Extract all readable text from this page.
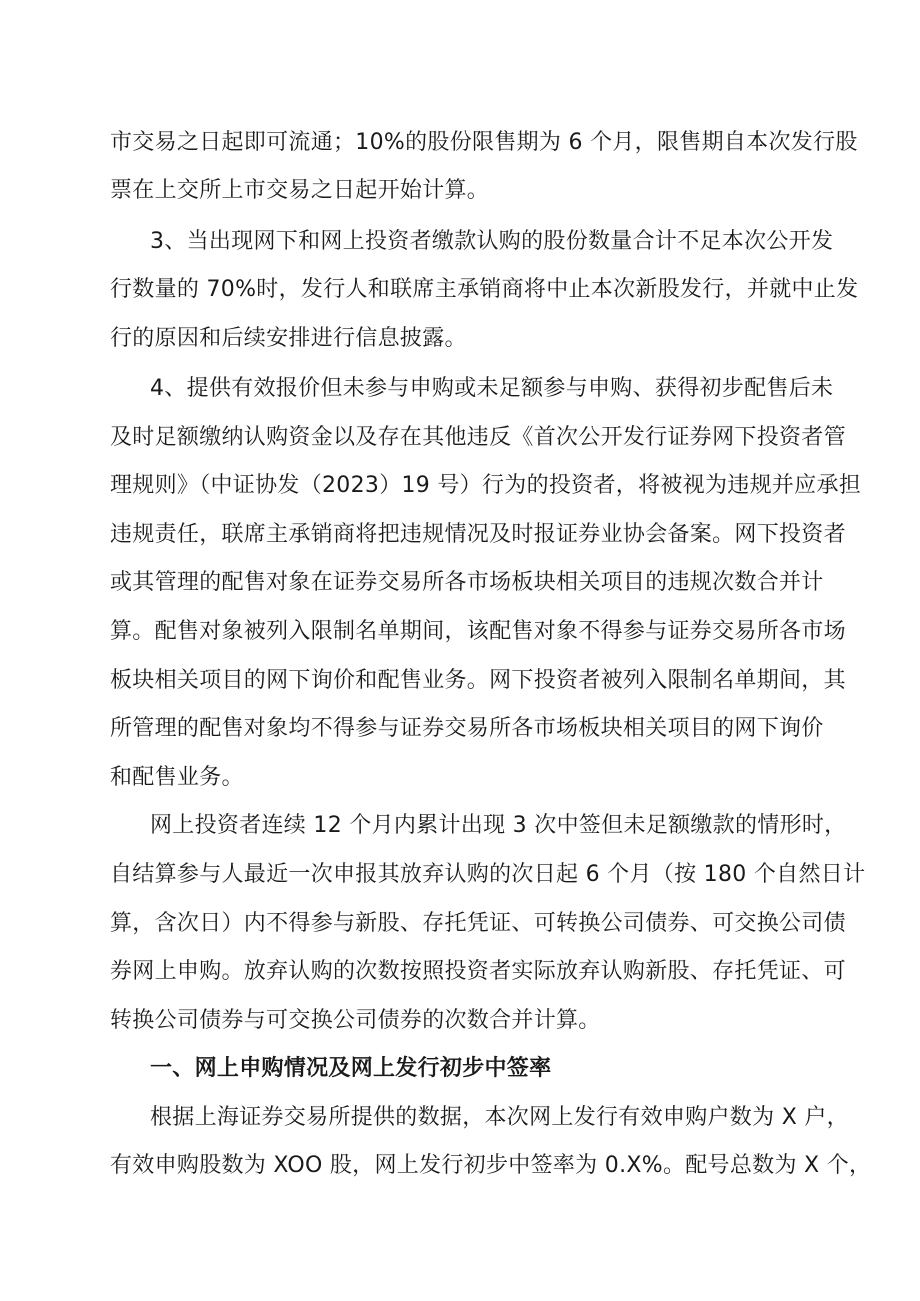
市交易之日起即可流通；10%的股份限售期为 6 个月，限售期自本次发行股
票在上交所上市交易之日起开始计算。
3、当出现网下和网上投资者缴款认购的股份数量合计不足本次公开发
行数量的 70%时，发行人和联席主承销商将中止本次新股发行，并就中止发
行的原因和后续安排进行信息披露。
4、提供有效报价但未参与申购或未足额参与申购、获得初步配售后未
及时足额缴纳认购资金以及存在其他违反《首次公开发行证券网下投资者管
理规则》（中证协发（2023）19 号）行为的投资者，将被视为违规并应承担
违规责任，联席主承销商将把违规情况及时报证券业协会备案。网下投资者
或其管理的配售对象在证券交易所各市场板块相关项目的违规次数合并计
算。配售对象被列入限制名单期间，该配售对象不得参与证券交易所各市场
板块相关项目的网下询价和配售业务。网下投资者被列入限制名单期间，其
所管理的配售对象均不得参与证券交易所各市场板块相关项目的网下询价
和配售业务。
网上投资者连续 12 个月内累计出现 3 次中签但未足额缴款的情形时，
自结算参与人最近一次申报其放弃认购的次日起 6 个月（按 180 个自然日计
算，含次日）内不得参与新股、存托凭证、可转换公司债券、可交换公司债
券网上申购。放弃认购的次数按照投资者实际放弃认购新股、存托凭证、可
转换公司债券与可交换公司债券的次数合并计算。
一、网上申购情况及网上发行初步中签率
根据上海证券交易所提供的数据，本次网上发行有效申购户数为 X 户，
有效申购股数为 XOO 股，网上发行初步中签率为 0.X%。配号总数为 X 个，
